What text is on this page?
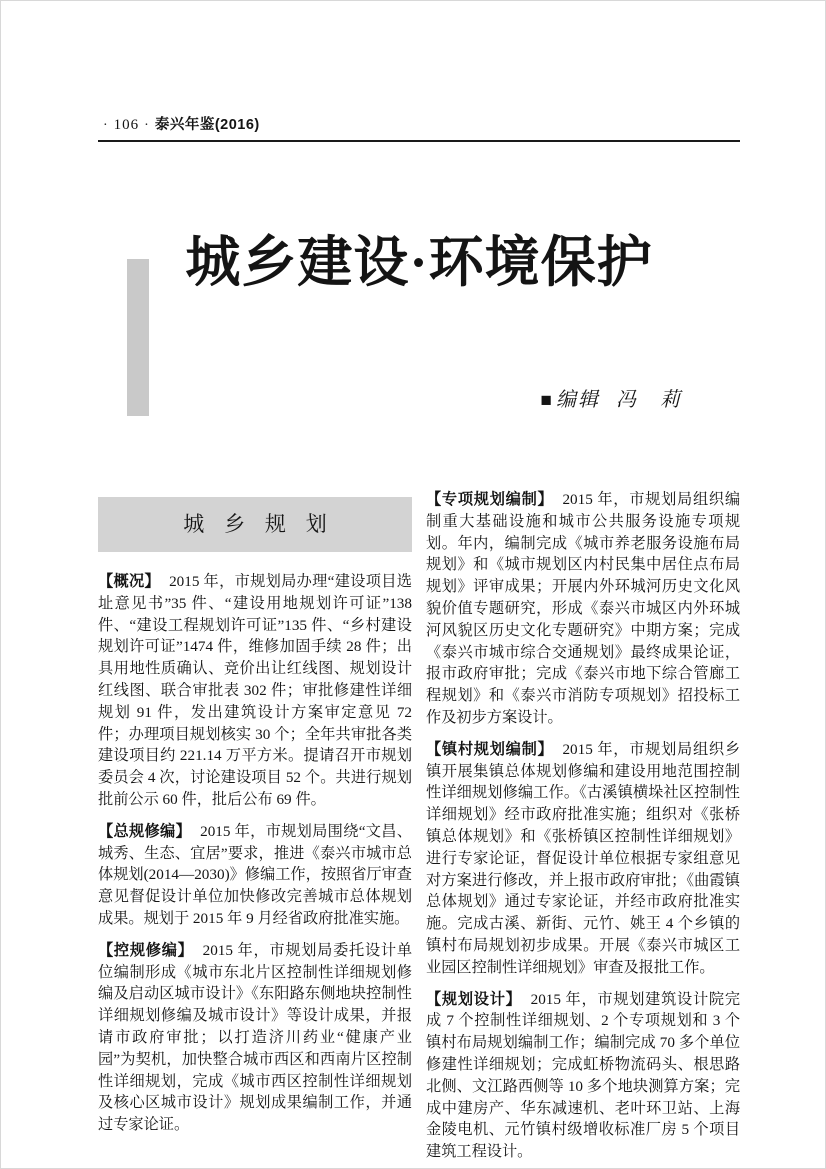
· 106 · 泰兴年鉴(2016)
城乡建设·环境保护
■ 编辑 冯　莉
城 乡 规 划

【概况】 2015 年，市规划局办理“建设项目选址意见书”35 件、“建设用地规划许可证”138 件、“建设工程规划许可证”135 件、“乡村建设规划许可证”1474 件，维修加固手续 28 件；出具用地性质确认、竞价出让红线图、规划设计红线图、联合审批表 302 件；审批修建性详细规划 91 件，发出建筑设计方案审定意见 72 件；办理项目规划核实 30 个；全年共审批各类建设项目约 221.14 万平方米。提请召开市规划委员会 4 次，讨论建设项目 52 个。共进行规划批前公示 60 件，批后公布 69 件。

【总规修编】 2015 年，市规划局围绕“文昌、城秀、生态、宜居”要求，推进《泰兴市城市总体规划(2014—2030)》修编工作，按照省厅审查意见督促设计单位加快修改完善城市总体规划成果。规划于 2015 年 9 月经省政府批准实施。

【控规修编】 2015 年，市规划局委托设计单位编制形成《城市东北片区控制性详细规划修编及启动区城市设计》《东阳路东侧地块控制性详细规划修编及城市设计》等设计成果，并报请市政府审批；以打造济川药业“健康产业园”为契机，加快整合城市西区和西南片区控制性详细规划，完成《城市西区控制性详细规划及核心区城市设计》规划成果编制工作，并通过专家论证。

【专项规划编制】 2015 年，市规划局组织编制重大基础设施和城市公共服务设施专项规划。年内，编制完成《城市养老服务设施布局规划》和《城市规划区内村民集中居住点布局规划》评审成果；开展内外环城河历史文化风貌价值专题研究，形成《泰兴市城区内外环城河风貌区历史文化专题研究》中期方案；完成《泰兴市城市综合交通规划》最终成果论证，报市政府审批；完成《泰兴市地下综合管廊工程规划》和《泰兴市消防专项规划》招投标工作及初步方案设计。

【镇村规划编制】 2015 年，市规划局组织乡镇开展集镇总体规划修编和建设用地范围控制性详细规划修编工作。《古溪镇横垛社区控制性详细规划》经市政府批准实施；组织对《张桥镇总体规划》和《张桥镇区控制性详细规划》进行专家论证，督促设计单位根据专家组意见对方案进行修改，并上报市政府审批；《曲霞镇总体规划》通过专家论证，并经市政府批准实施。完成古溪、新街、元竹、姚王 4 个乡镇的镇村布局规划初步成果。开展《泰兴市城区工业园区控制性详细规划》审查及报批工作。

【规划设计】 2015 年，市规划建筑设计院完成 7 个控制性详细规划、2 个专项规划和 3 个镇村布局规划编制工作；编制完成 70 多个单位修建性详细规划；完成虹桥物流码头、根思路北侧、文江路西侧等 10 多个地块测算方案；完成中建房产、华东减速机、老叶环卫站、上海金陵电机、元竹镇村级增收标准厂房 5 个项目建筑工程设计。
